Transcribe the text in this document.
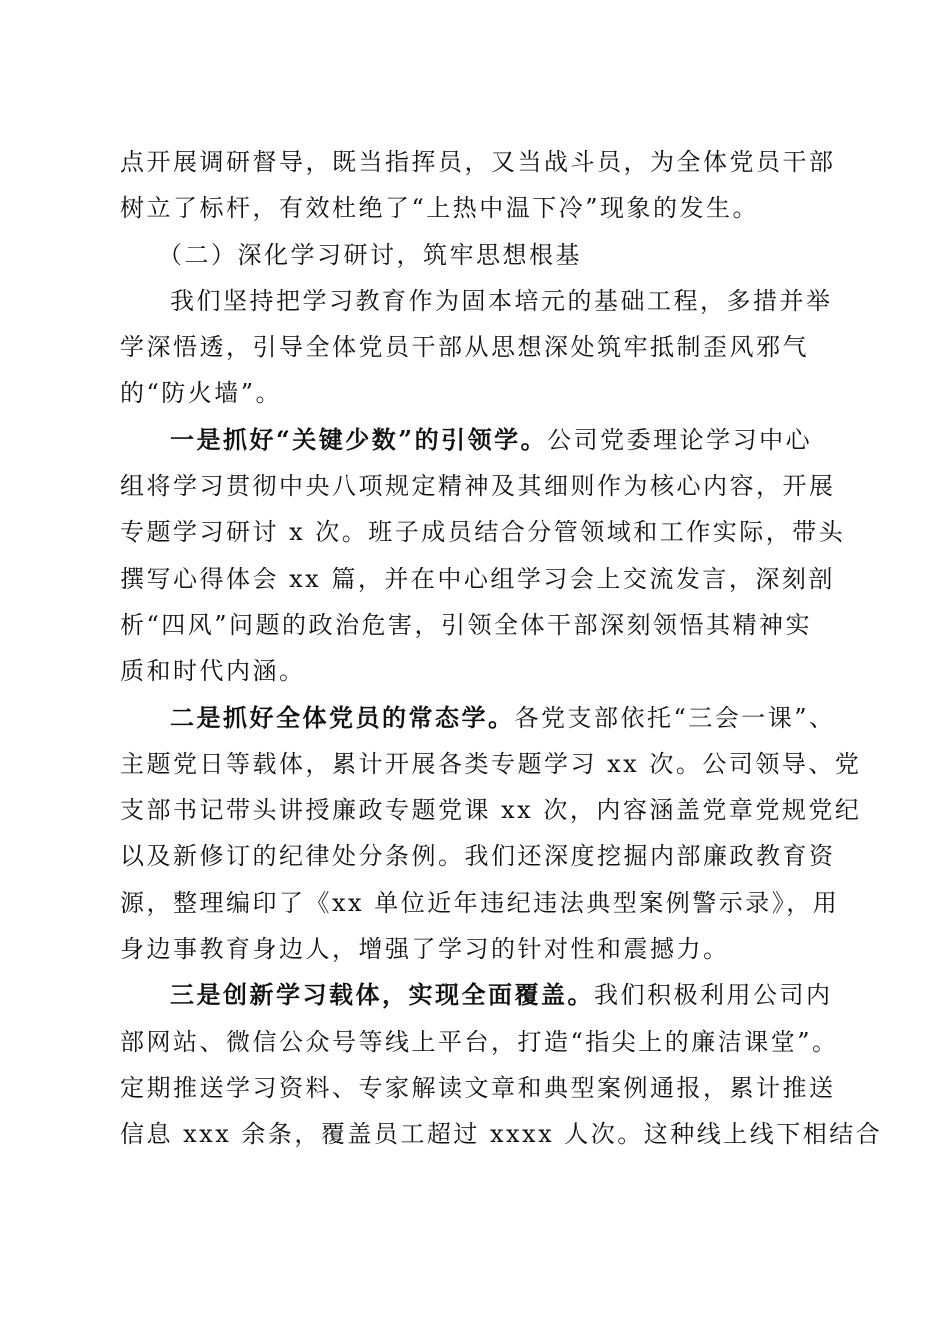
点开展调研督导，既当指挥员，又当战斗员，为全体党员干部
树立了标杆，有效杜绝了“上热中温下冷”现象的发生。
（二）深化学习研讨，筑牢思想根基
我们坚持把学习教育作为固本培元的基础工程，多措并举
学深悟透，引导全体党员干部从思想深处筑牢抵制歪风邪气
的“防火墙”。
一是抓好“关键少数”的引领学。公司党委理论学习中心
组将学习贯彻中央八项规定精神及其细则作为核心内容，开展
专题学习研讨 x 次。班子成员结合分管领域和工作实际，带头
撰写心得体会 xx 篇，并在中心组学习会上交流发言，深刻剖
析“四风”问题的政治危害，引领全体干部深刻领悟其精神实
质和时代内涵。
二是抓好全体党员的常态学。各党支部依托“三会一课”、
主题党日等载体，累计开展各类专题学习 xx 次。公司领导、党
支部书记带头讲授廉政专题党课 xx 次，内容涵盖党章党规党纪
以及新修订的纪律处分条例。我们还深度挖掘内部廉政教育资
源，整理编印了《xx 单位近年违纪违法典型案例警示录》，用
身边事教育身边人，增强了学习的针对性和震撼力。
三是创新学习载体，实现全面覆盖。我们积极利用公司内
部网站、微信公众号等线上平台，打造“指尖上的廉洁课堂”。
定期推送学习资料、专家解读文章和典型案例通报，累计推送
信息 xxx 余条，覆盖员工超过 xxxx 人次。这种线上线下相结合
